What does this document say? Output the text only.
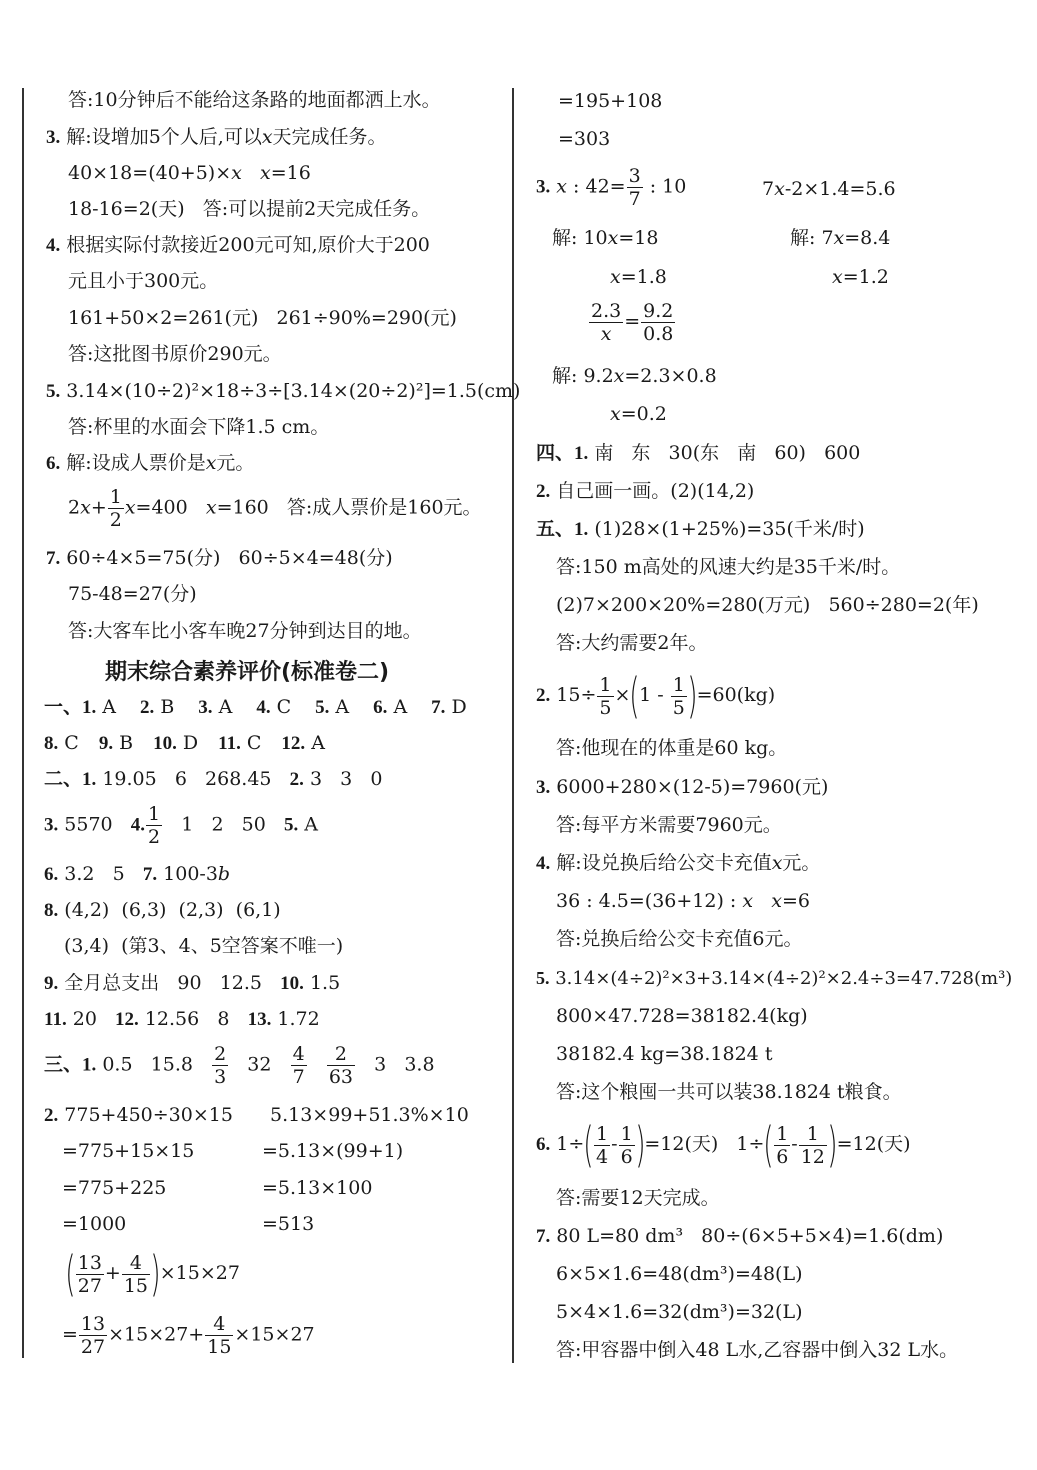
答:10分钟后不能给这条路的地面都洒上水。
3. 解:设增加5个人后,可以x天完成任务。
40×18=(40+5)×x x=16
18-16=2(天)   答:可以提前2天完成任务。
4. 根据实际付款接近200元可知,原价大于200
元且小于300元。
161+50×2=261(元)   261÷90%=290(元)
答:这批图书原价290元。
5. 3.14×(10÷2)²×18÷3÷[3.14×(20÷2)²]=1.5(cm)
答:杯里的水面会下降1.5 cm。
6. 解:设成人票价是x元。
$2x+ \frac{1}{2} x=400$   x=160   答:成人票价是160元。
7. 60÷4×5=75(分)   60÷5×4=48(分)
75-48=27(分)
答:大客车比小客车晚27分钟到达目的地。
期末综合素养评价(标准卷二)
一、1. A 2. B 3. A 4. C 5. A 6. A 7. D
8. C 9. B 10. D 11. C 12. A
二、1. 19.05   6   268.45   2. 3   3   0
3. 5570   4. $\frac{1}{2} 1$   2   50   5. A
6. 3.2   5   7. 100-3b
8. (4,2)  (6,3)  (2,3)  (6,1)
(3,4)  (第3、4、5空答案不唯一)
9. 全月总支出   90   12.5   10. 1.5
11. 20   12. 12.56   8   13. 1.72
三、1. 0.5   $15.8 \frac{2}{3} 32 \frac{4}{7}$
$\frac{2}{63} 3$   3.8
2. 775+450÷30×15 5.13×99+51.3%×10
=775+15×15	=5.13×(99+1)
=775+225	=5.13×100
=1000	=513
( $\frac{13}{27} + \frac{4}{15} )\times 15\times 27$
= $\frac{13}{27} \times 15\times 27+ \frac{4}{15} \times 15\times 27$
=195+108
=303
3. x : $42= \frac{3}{7}$ : 10	7x-2×1.4=5.6
解: 10x=18	解: 7x=8.4
x=1.8	x=1.2
$\frac{2.3}{x} = \frac{9.2}{0.8}$
解: 9.2x=2.3×0.8
x=0.2
四、1. 南   东   30(东   南   60)   600
2. 自己画一画。(2)(14,2)
五、1. (1)28×(1+25%)=35(千米/时)
答:150 m高处的风速大约是35千米/时。
(2)7×200×20%=280(万元)   560÷280=2(年)
答:大约需要2年。
2. $15\div \frac{1}{5} \times(1 - \frac{1}{5} )=60(kg)$
答:他现在的体重是60 kg。
3. 6000+280×(12-5)=7960(元)
答:每平方米需要7960元。
4. 解:设兑换后给公交卡充值x元。
36 : 4.5=(36+12) : x x=6
答:兑换后给公交卡充值6元。
5. 3.14×(4÷2)²×3+3.14×(4÷2)²×2.4÷3=47.728(m³)
800×47.728=38182.4(kg)
38182.4 kg=38.1824 t
答:这个粮囤一共可以装38.1824 t粮食。
6. $1\div( \frac{1}{4} - \frac{1}{6} )=12$(天)   $1\div( \frac{1}{6} - \frac{1}{12} )=12$(天)
答:需要12天完成。
7. 80 L=80 dm³   80÷(6×5+5×4)=1.6(dm)
6×5×1.6=48(dm³)=48(L)
5×4×1.6=32(dm³)=32(L)
答:甲容器中倒入48 L水,乙容器中倒入32 L水。
